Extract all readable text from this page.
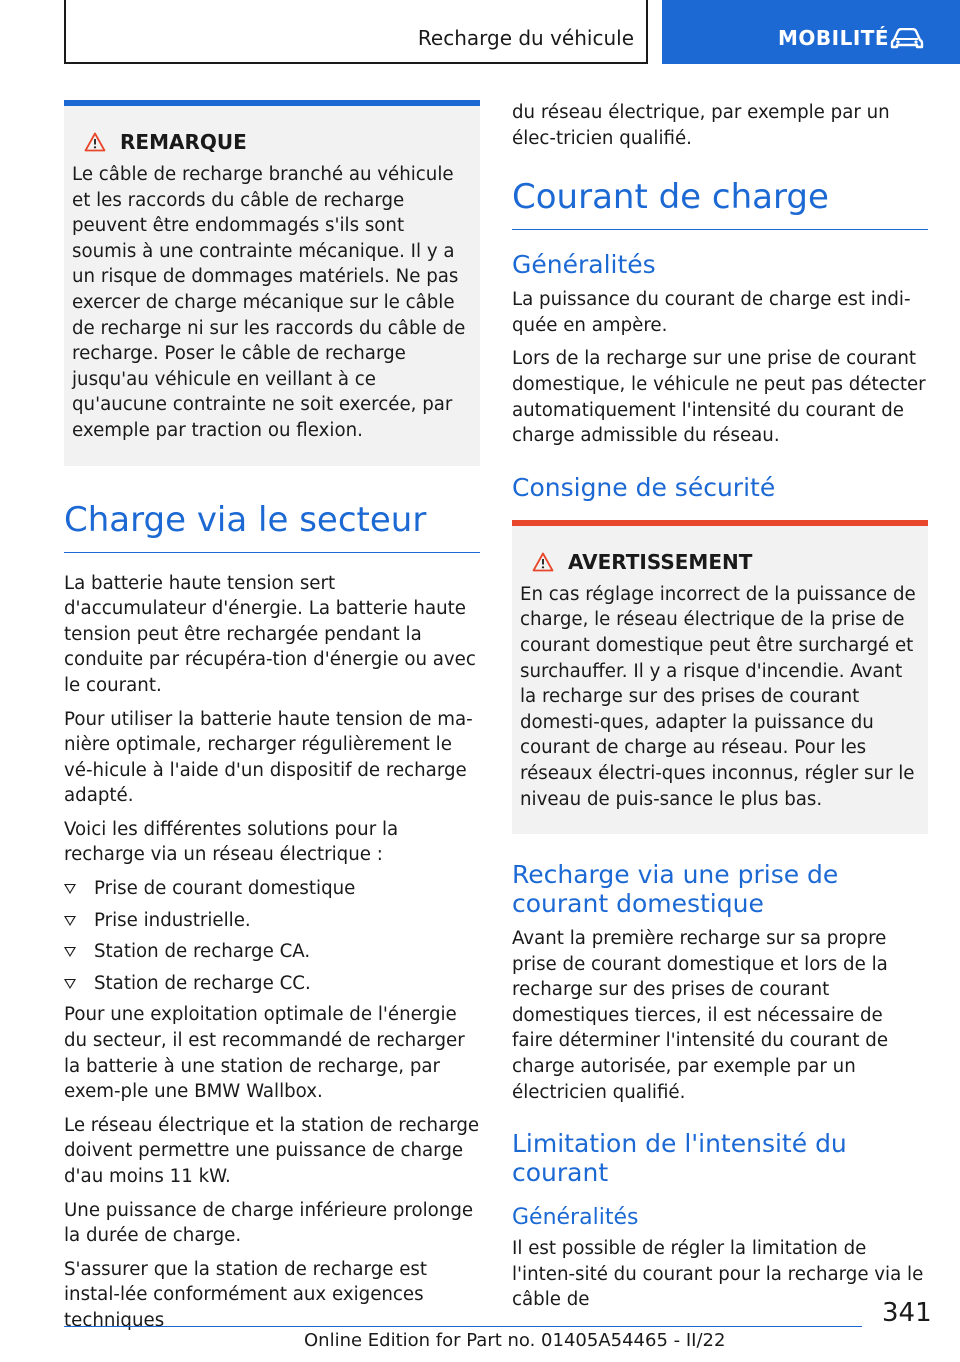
Recharge du véhicule	MOBILITÉ
REMARQUE

Le câble de recharge branché au véhicule et les raccords du câble de recharge peuvent être endommagés s'ils sont soumis à une contrainte mécanique. Il y a un risque de dommages matériels. Ne pas exercer de charge mécanique sur le câble de recharge ni sur les raccords du câble de recharge. Poser le câble de recharge jusqu'au véhicule en veillant à ce qu'aucune contrainte ne soit exercée, par exemple par traction ou flexion.

Charge via le secteur

La batterie haute tension sert d'accumulateur d'énergie. La batterie haute tension peut être rechargée pendant la conduite par récupéra-tion d'énergie ou avec le courant.

Pour utiliser la batterie haute tension de ma-nière optimale, recharger régulièrement le vé-hicule à l'aide d'un dispositif de recharge adapté.

Voici les différentes solutions pour la recharge via un réseau électrique :

Prise de courant domestique
Prise industrielle.
Station de recharge CA.
Station de recharge CC.

Pour une exploitation optimale de l'énergie du secteur, il est recommandé de recharger la batterie à une station de recharge, par exem-ple une BMW Wallbox.

Le réseau électrique et la station de recharge doivent permettre une puissance de charge d'au moins 11 kW.

Une puissance de charge inférieure prolonge la durée de charge.

S'assurer que la station de recharge est instal-lée conformément aux exigences techniques

du réseau électrique, par exemple par un élec-tricien qualifié.

Courant de charge
Généralités

La puissance du courant de charge est indi-quée en ampère.

Lors de la recharge sur une prise de courant domestique, le véhicule ne peut pas détecter automatiquement l'intensité du courant de charge admissible du réseau.

Consigne de sécurité
AVERTISSEMENT

En cas réglage incorrect de la puissance de charge, le réseau électrique de la prise de courant domestique peut être surchargé et surchauffer. Il y a risque d'incendie. Avant la recharge sur des prises de courant domesti-ques, adapter la puissance du courant de charge au réseau. Pour les réseaux électri-ques inconnus, régler sur le niveau de puis-sance le plus bas.

Recharge via une prise de courant domestique

Avant la première recharge sur sa propre prise de courant domestique et lors de la recharge sur des prises de courant domestiques tierces, il est nécessaire de faire déterminer l'intensité du courant de charge autorisée, par exemple par un électricien qualifié.

Limitation de l'intensité du courant
Généralités

Il est possible de régler la limitation de l'inten-sité du courant pour la recharge via le câble de	341
Online Edition for Part no. 01405A54465 - II/22
